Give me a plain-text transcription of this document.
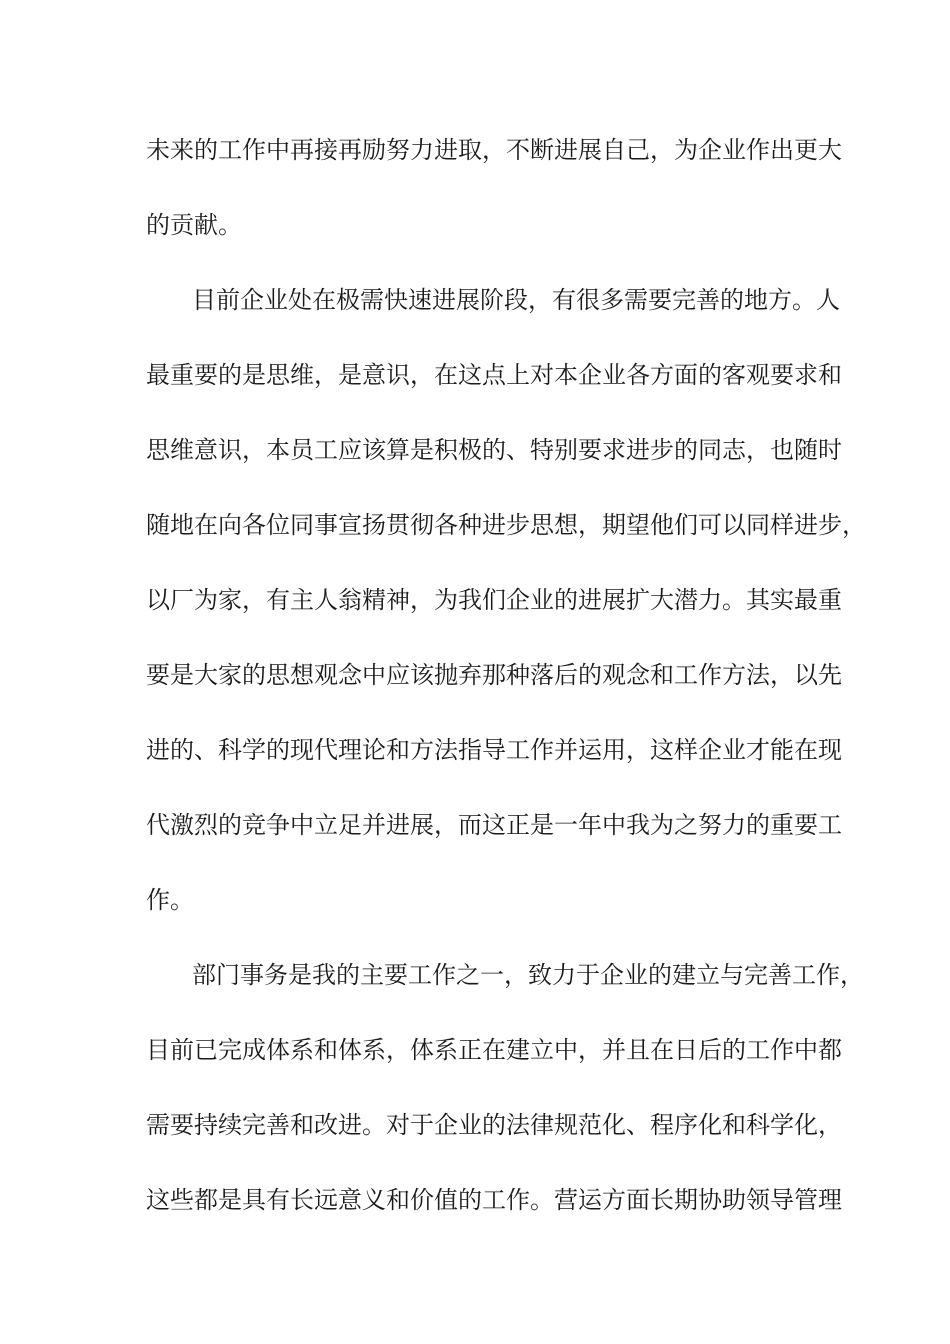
未来的工作中再接再励努力进取，不断进展自己，为企业作出更大

的贡献。

目前企业处在极需快速进展阶段，有很多需要完善的地方。人

最重要的是思维，是意识，在这点上对本企业各方面的客观要求和

思维意识，本员工应该算是积极的、特别要求进步的同志，也随时

随地在向各位同事宣扬贯彻各种进步思想，期望他们可以同样进步，

以厂为家，有主人翁精神，为我们企业的进展扩大潜力。其实最重

要是大家的思想观念中应该抛弃那种落后的观念和工作方法，以先

进的、科学的现代理论和方法指导工作并运用，这样企业才能在现

代激烈的竞争中立足并进展，而这正是一年中我为之努力的重要工

作。

部门事务是我的主要工作之一，致力于企业的建立与完善工作，

目前已完成体系和体系，体系正在建立中，并且在日后的工作中都

需要持续完善和改进。对于企业的法律规范化、程序化和科学化，

这些都是具有长远意义和价值的工作。营运方面长期协助领导管理
